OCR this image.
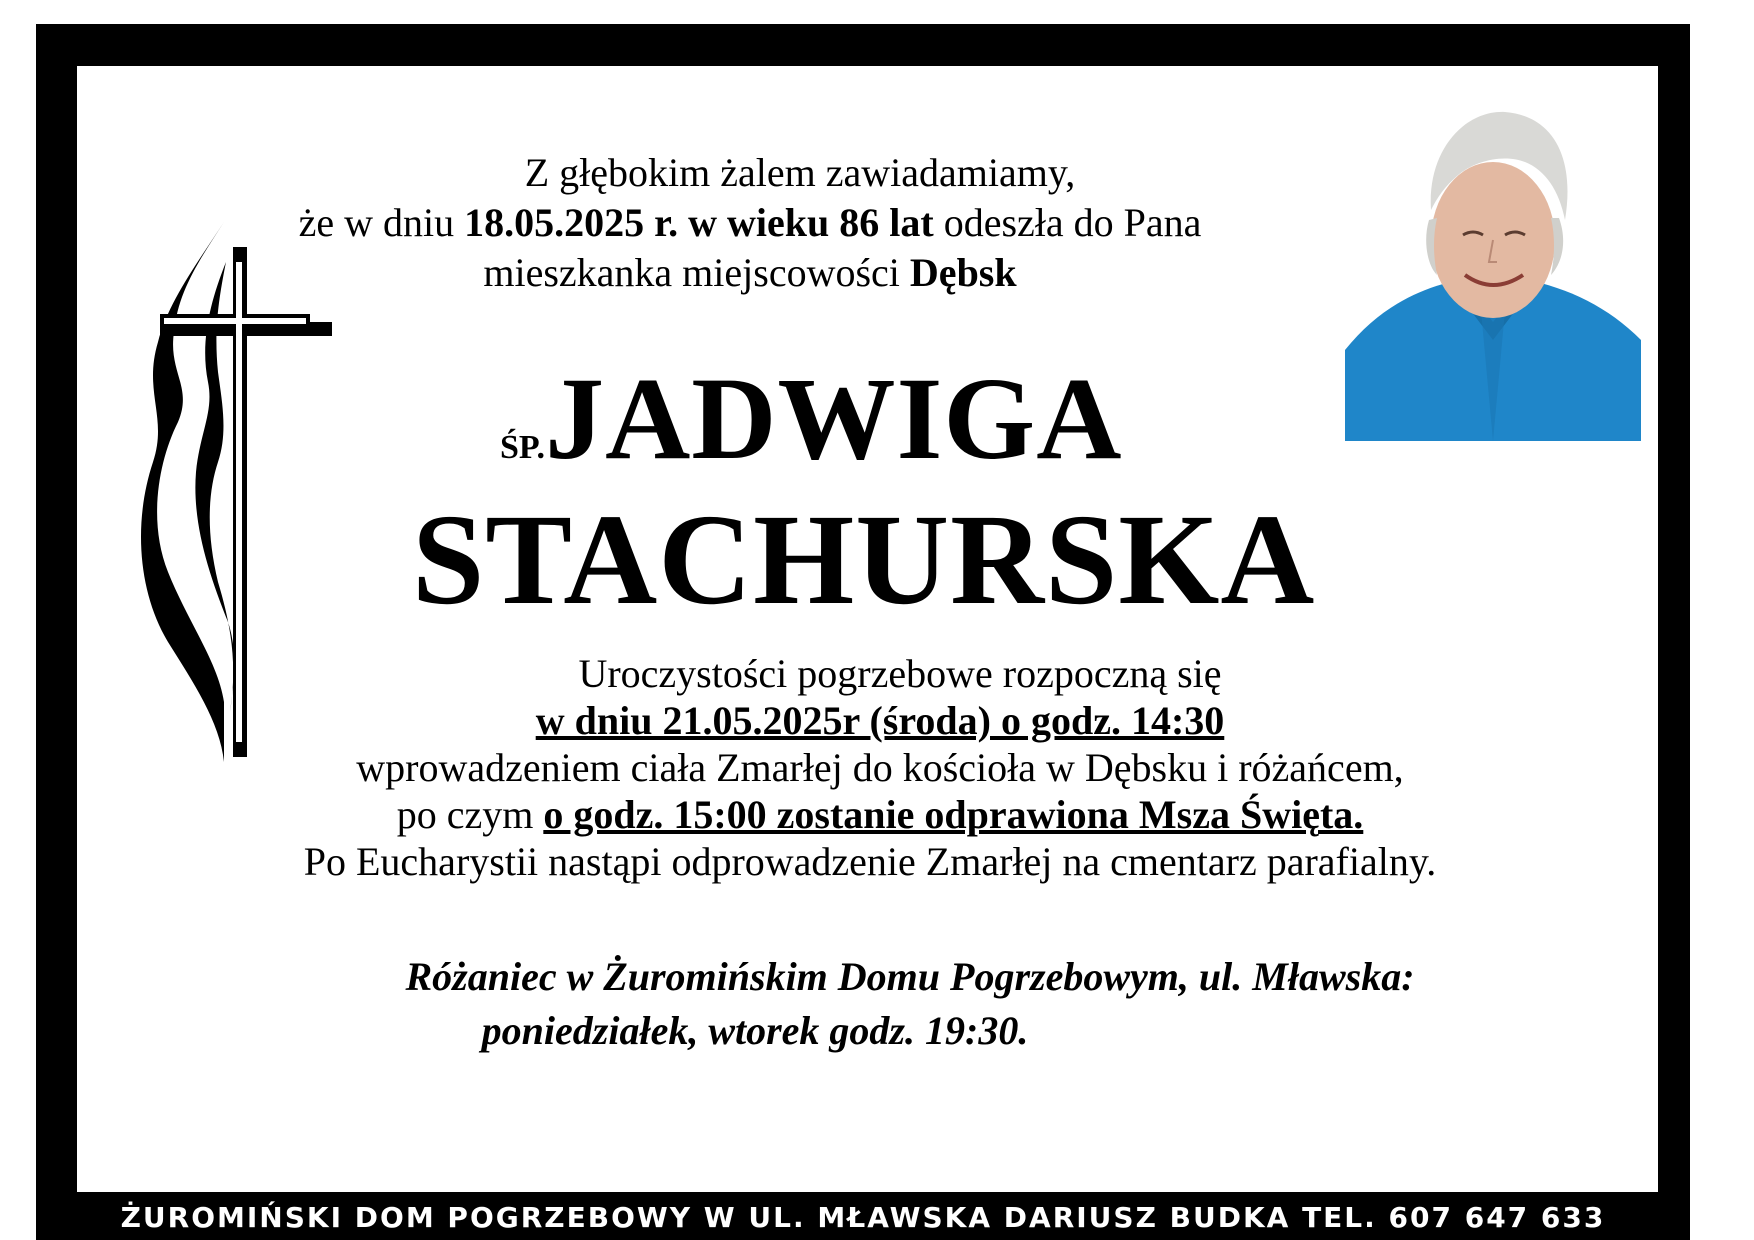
Z głębokim żalem zawiadamiamy,
że w dniu 18.05.2025 r. w wieku 86 lat odeszła do Pana
mieszkanka miejscowości Dębsk
ŚP.JADWIGA
STACHURSKA
Uroczystości pogrzebowe rozpoczną się
w dniu 21.05.2025r (środa) o godz. 14:30
wprowadzeniem ciała Zmarłej do kościoła w Dębsku i różańcem,
po czym o godz. 15:00 zostanie odprawiona Msza Święta.
Po Eucharystii nastąpi odprowadzenie Zmarłej na cmentarz parafialny.
Różaniec w Żuromińskim Domu Pogrzebowym, ul. Mławska:
poniedziałek, wtorek godz. 19:30.
ŻUROMIŃSKI DOM POGRZEBOWY W UL. MŁAWSKA DARIUSZ BUDKA TEL. 607 647 633
